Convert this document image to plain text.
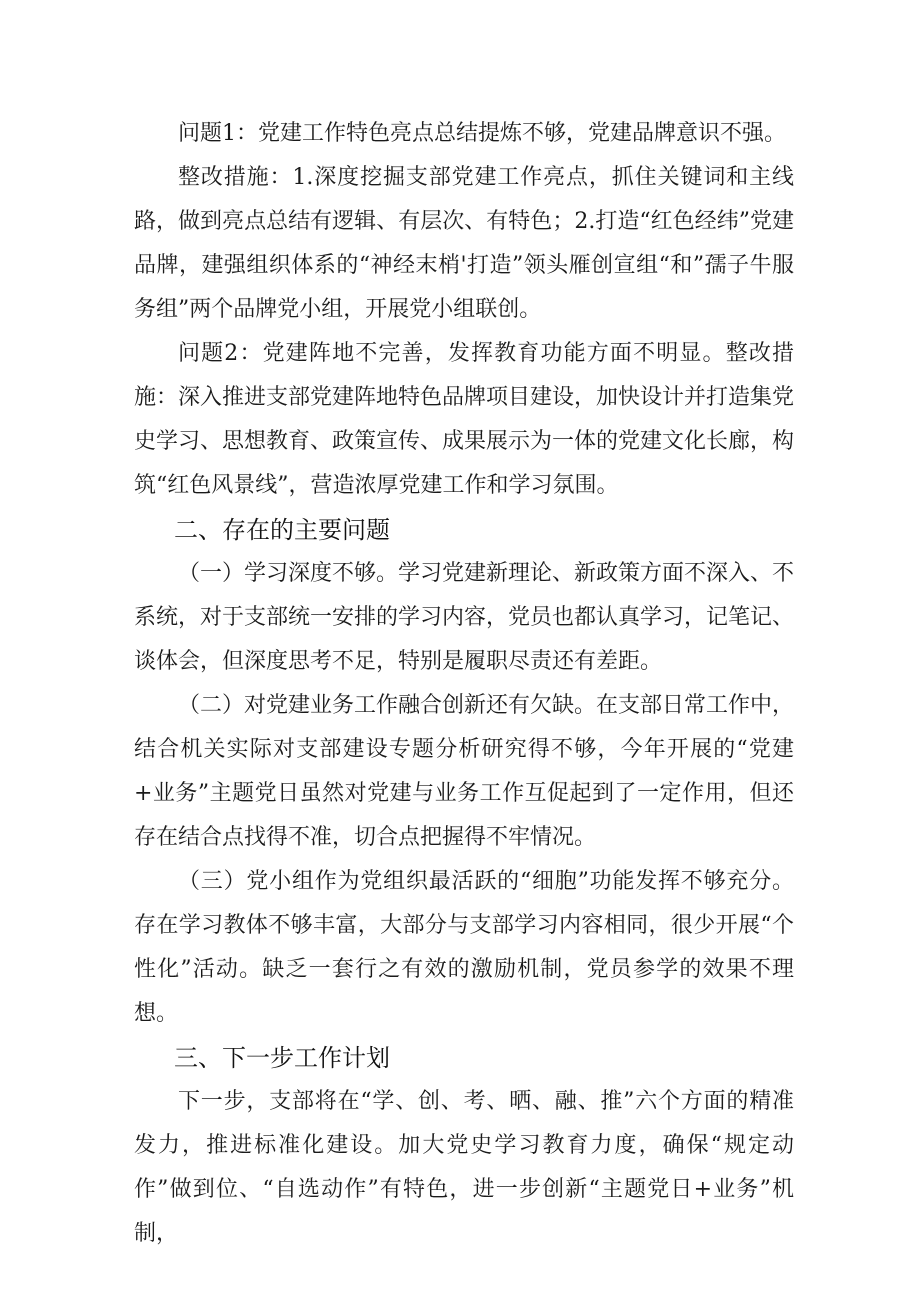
问题1：党建工作特色亮点总结提炼不够，党建品牌意识不强。

整改措施：1.深度挖掘支部党建工作亮点，抓住关键词和主线路，做到亮点总结有逻辑、有层次、有特色；2.打造“红色经纬”党建品牌，建强组织体系的“神经末梢'打造”领头雁创宣组“和”孺子牛服务组”两个品牌党小组，开展党小组联创。

问题2：党建阵地不完善，发挥教育功能方面不明显。整改措施：深入推进支部党建阵地特色品牌项目建设，加快设计并打造集党史学习、思想教育、政策宣传、成果展示为一体的党建文化长廊，构筑“红色风景线”，营造浓厚党建工作和学习氛围。

二、存在的主要问题

（一）学习深度不够。学习党建新理论、新政策方面不深入、不系统，对于支部统一安排的学习内容，党员也都认真学习，记笔记、谈体会，但深度思考不足，特别是履职尽责还有差距。

（二）对党建业务工作融合创新还有欠缺。在支部日常工作中，结合机关实际对支部建设专题分析研究得不够，今年开展的“党建+业务”主题党日虽然对党建与业务工作互促起到了一定作用，但还存在结合点找得不准，切合点把握得不牢情况。

（三）党小组作为党组织最活跃的“细胞”功能发挥不够充分。存在学习教体不够丰富，大部分与支部学习内容相同，很少开展“个性化”活动。缺乏一套行之有效的激励机制，党员参学的效果不理想。

三、下一步工作计划

下一步，支部将在“学、创、考、晒、融、推”六个方面的精准发力，推进标准化建设。加大党史学习教育力度，确保“规定动作”做到位、“自选动作”有特色，进一步创新“主题党日+业务”机制，
